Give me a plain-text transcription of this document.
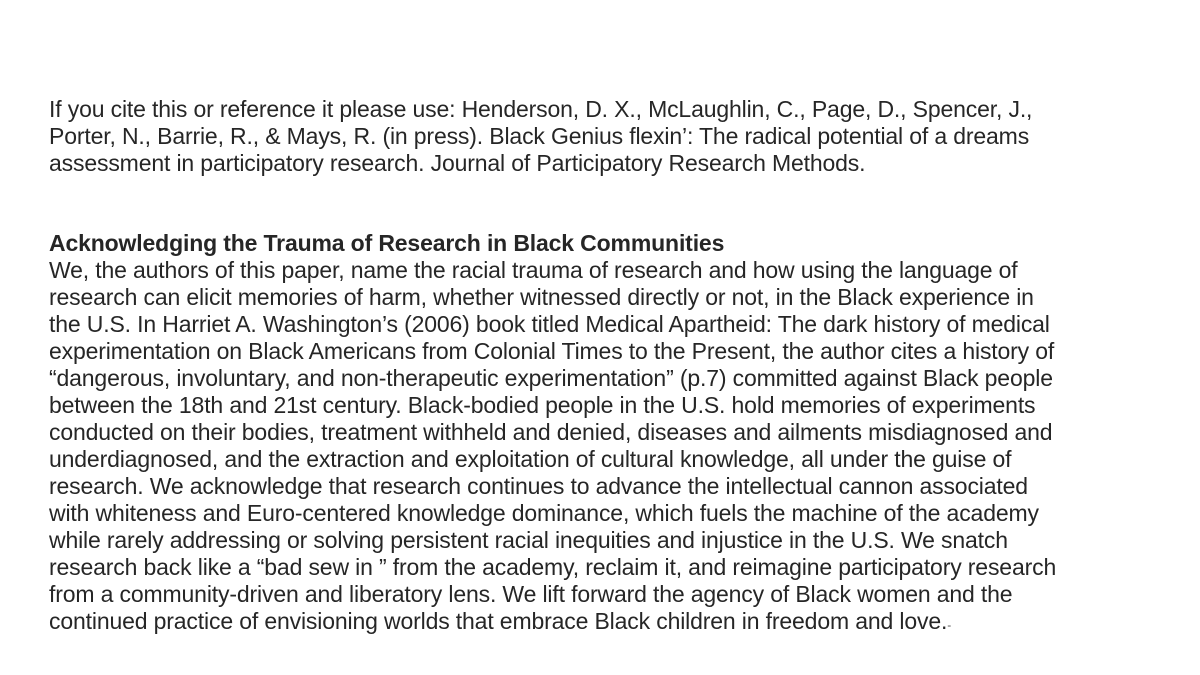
If you cite this or reference it please use: Henderson, D. X., McLaughlin, C., Page, D., Spencer, J.,
Porter, N., Barrie, R., & Mays, R. (in press). Black Genius flexin’: The radical potential of a dreams
assessment in participatory research. Journal of Participatory Research Methods.

Acknowledging the Trauma of Research in Black Communities

We, the authors of this paper, name the racial trauma of research and how using the language of
research can elicit memories of harm, whether witnessed directly or not, in the Black experience in
the U.S. In Harriet A. Washington’s (2006) book titled Medical Apartheid: The dark history of medical
experimentation on Black Americans from Colonial Times to the Present, the author cites a history of
“dangerous, involuntary, and non-therapeutic experimentation” (p.7) committed against Black people
between the 18th and 21st century. Black-bodied people in the U.S. hold memories of experiments
conducted on their bodies, treatment withheld and denied, diseases and ailments misdiagnosed and
underdiagnosed, and the extraction and exploitation of cultural knowledge, all under the guise of
research. We acknowledge that research continues to advance the intellectual cannon associated
with whiteness and Euro-centered knowledge dominance, which fuels the machine of the academy
while rarely addressing or solving persistent racial inequities and injustice in the U.S. We snatch
research back like a “bad sew in ” from the academy, reclaim it, and reimagine participatory research
from a community-driven and liberatory lens. We lift forward the agency of Black women and the
continued practice of envisioning worlds that embrace Black children in freedom and love.-
